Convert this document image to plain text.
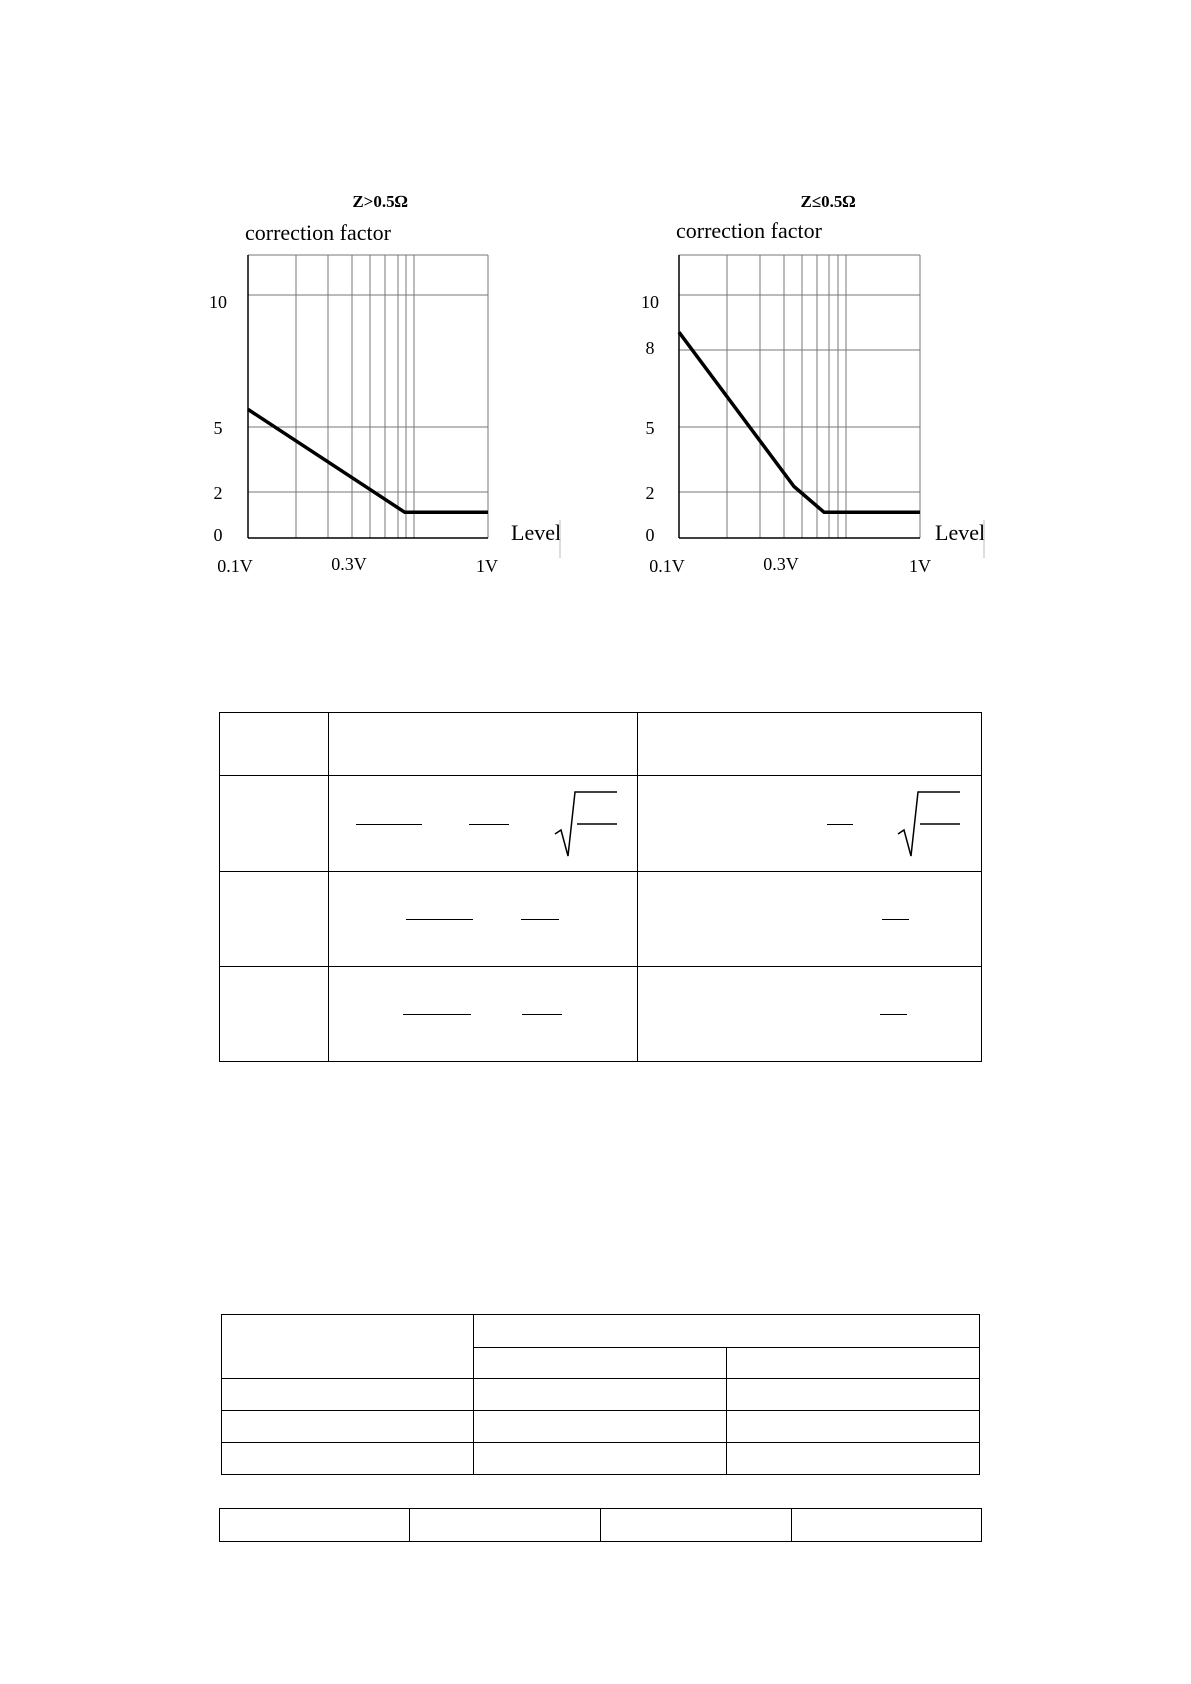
Z>0.5Ω
correction factor
10
5
2
0
0.1V	0.3V	1V
Level
Z≤0.5Ω
correction factor
10
8
5
2
0
0.1V	0.3V	1V
Level
